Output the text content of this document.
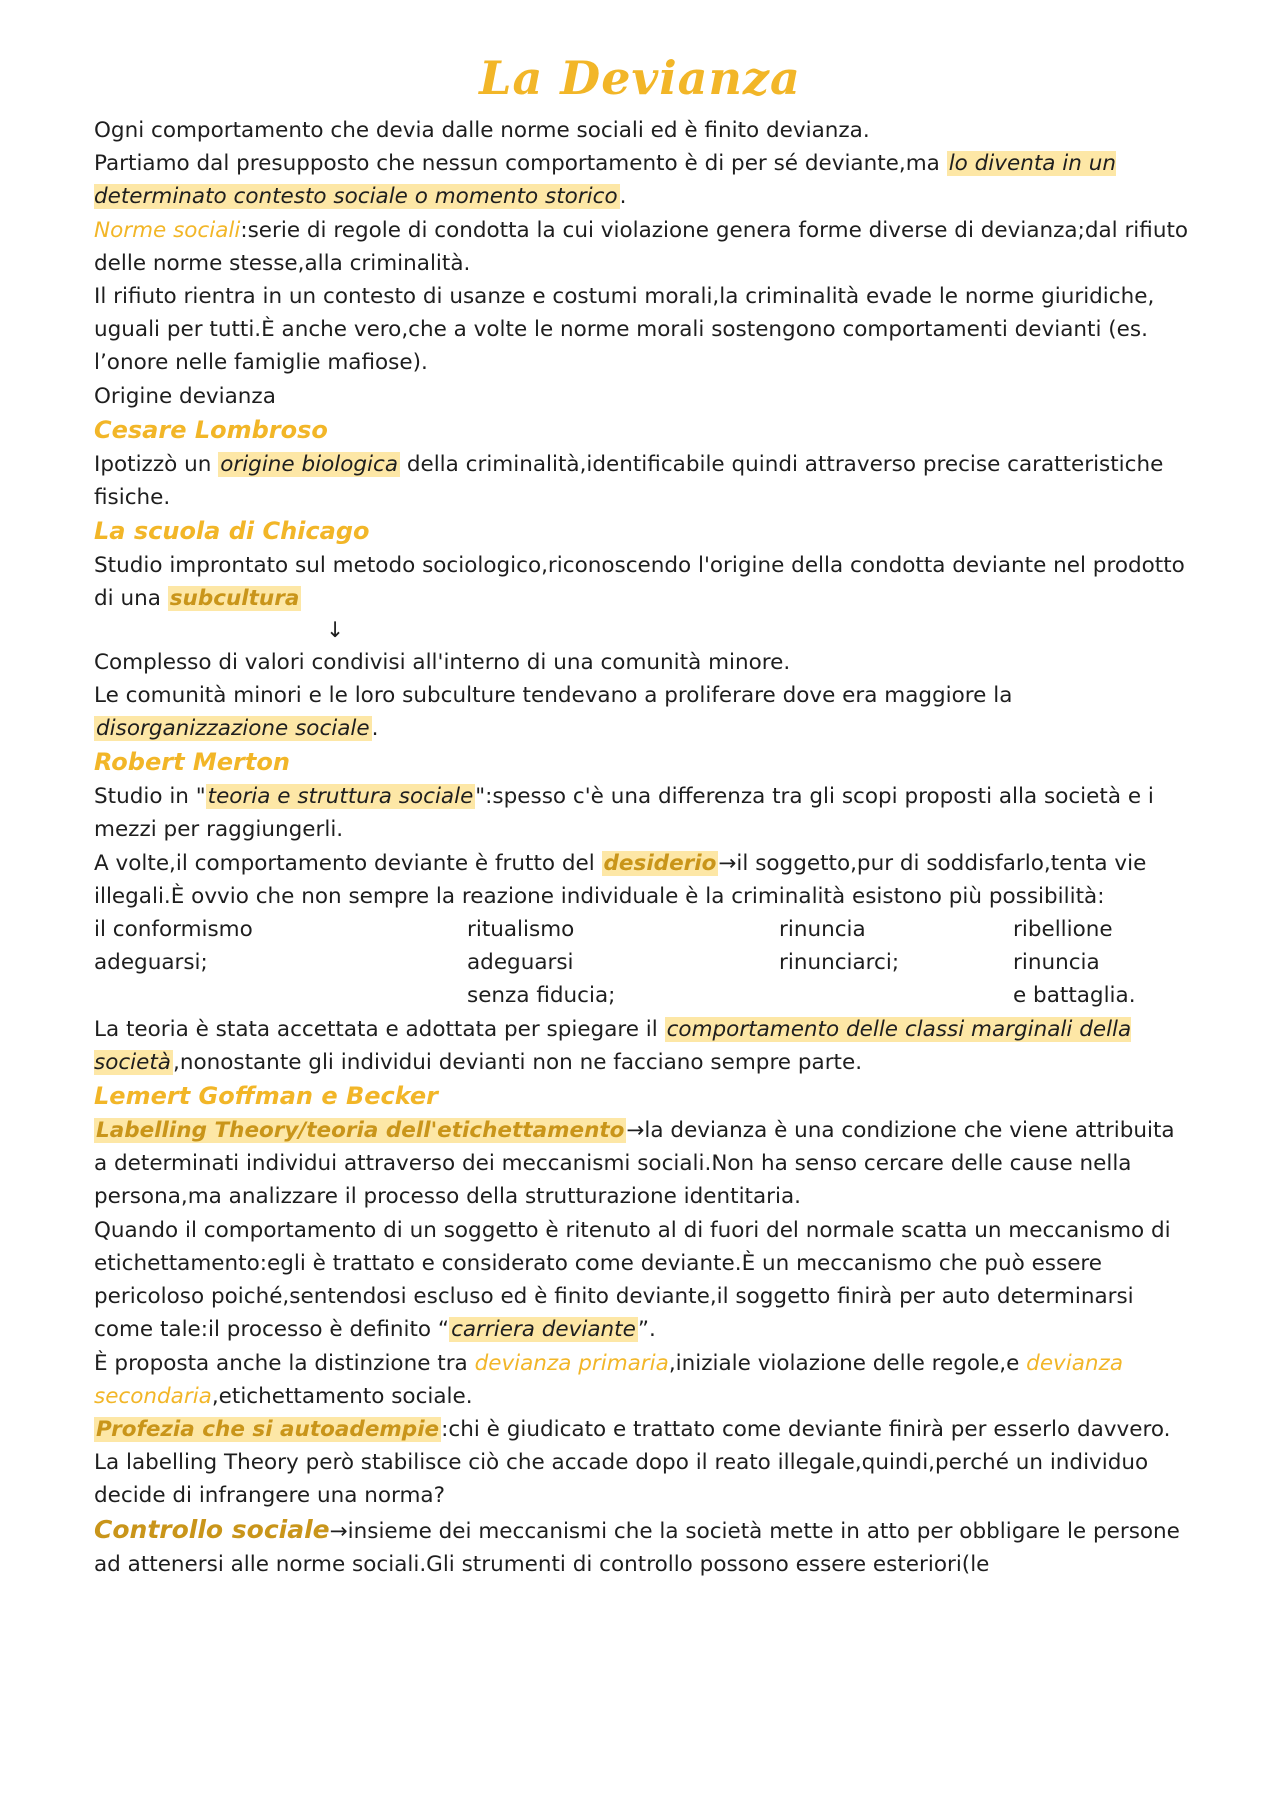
La Devianza

Ogni comportamento che devia dalle norme sociali ed è finito devianza.

Partiamo dal presupposto che nessun comportamento è di per sé deviante,ma lo diventa in un determinato contesto sociale o momento storico.

Norme sociali:serie di regole di condotta la cui violazione genera forme diverse di devianza;dal rifiuto delle norme stesse,alla criminalità.

Il rifiuto rientra in un contesto di usanze e costumi morali,la criminalità evade le norme giuridiche, uguali per tutti.È anche vero,che a volte le norme morali sostengono comportamenti devianti (es. l’onore nelle famiglie mafiose).

Origine devianza

Cesare Lombroso

Ipotizzò un origine biologica della criminalità,identificabile quindi attraverso precise caratteristiche fisiche.

La scuola di Chicago

Studio improntato sul metodo sociologico,riconoscendo l'origine della condotta deviante nel prodotto di una subcultura

↓

Complesso di valori condivisi all'interno di una comunità minore.

Le comunità minori e le loro subculture tendevano a proliferare dove era maggiore la disorganizzazione sociale.

Robert Merton

Studio in "teoria e struttura sociale":spesso c'è una differenza tra gli scopi proposti alla società e i mezzi per raggiungerli.

A volte,il comportamento deviante è frutto del desiderio→il soggetto,pur di soddisfarlo,tenta vie illegali.È ovvio che non sempre la reazione individuale è la criminalità esistono più possibilità:

il conformismo
adeguarsi;
ritualismo
adeguarsi
senza fiducia;
rinuncia
rinunciarci;
ribellione
rinuncia
e battaglia.

La teoria è stata accettata e adottata per spiegare il comportamento delle classi marginali della società,nonostante gli individui devianti non ne facciano sempre parte.

Lemert Goffman e Becker

Labelling Theory/teoria dell'etichettamento→la devianza è una condizione che viene attribuita a determinati individui attraverso dei meccanismi sociali.Non ha senso cercare delle cause nella persona,ma analizzare il processo della strutturazione identitaria.

Quando il comportamento di un soggetto è ritenuto al di fuori del normale scatta un meccanismo di etichettamento:egli è trattato e considerato come deviante.È un meccanismo che può essere pericoloso poiché,sentendosi escluso ed è finito deviante,il soggetto finirà per auto determinarsi come tale:il processo è definito “carriera deviante”.

È proposta anche la distinzione tra devianza primaria,iniziale violazione delle regole,e devianza secondaria,etichettamento sociale.

Profezia che si autoadempie:chi è giudicato e trattato come deviante finirà per esserlo davvero.

La labelling Theory però stabilisce ciò che accade dopo il reato illegale,quindi,perché un individuo decide di infrangere una norma?

Controllo sociale→insieme dei meccanismi che la società mette in atto per obbligare le persone ad attenersi alle norme sociali.Gli strumenti di controllo possono essere esteriori(le
